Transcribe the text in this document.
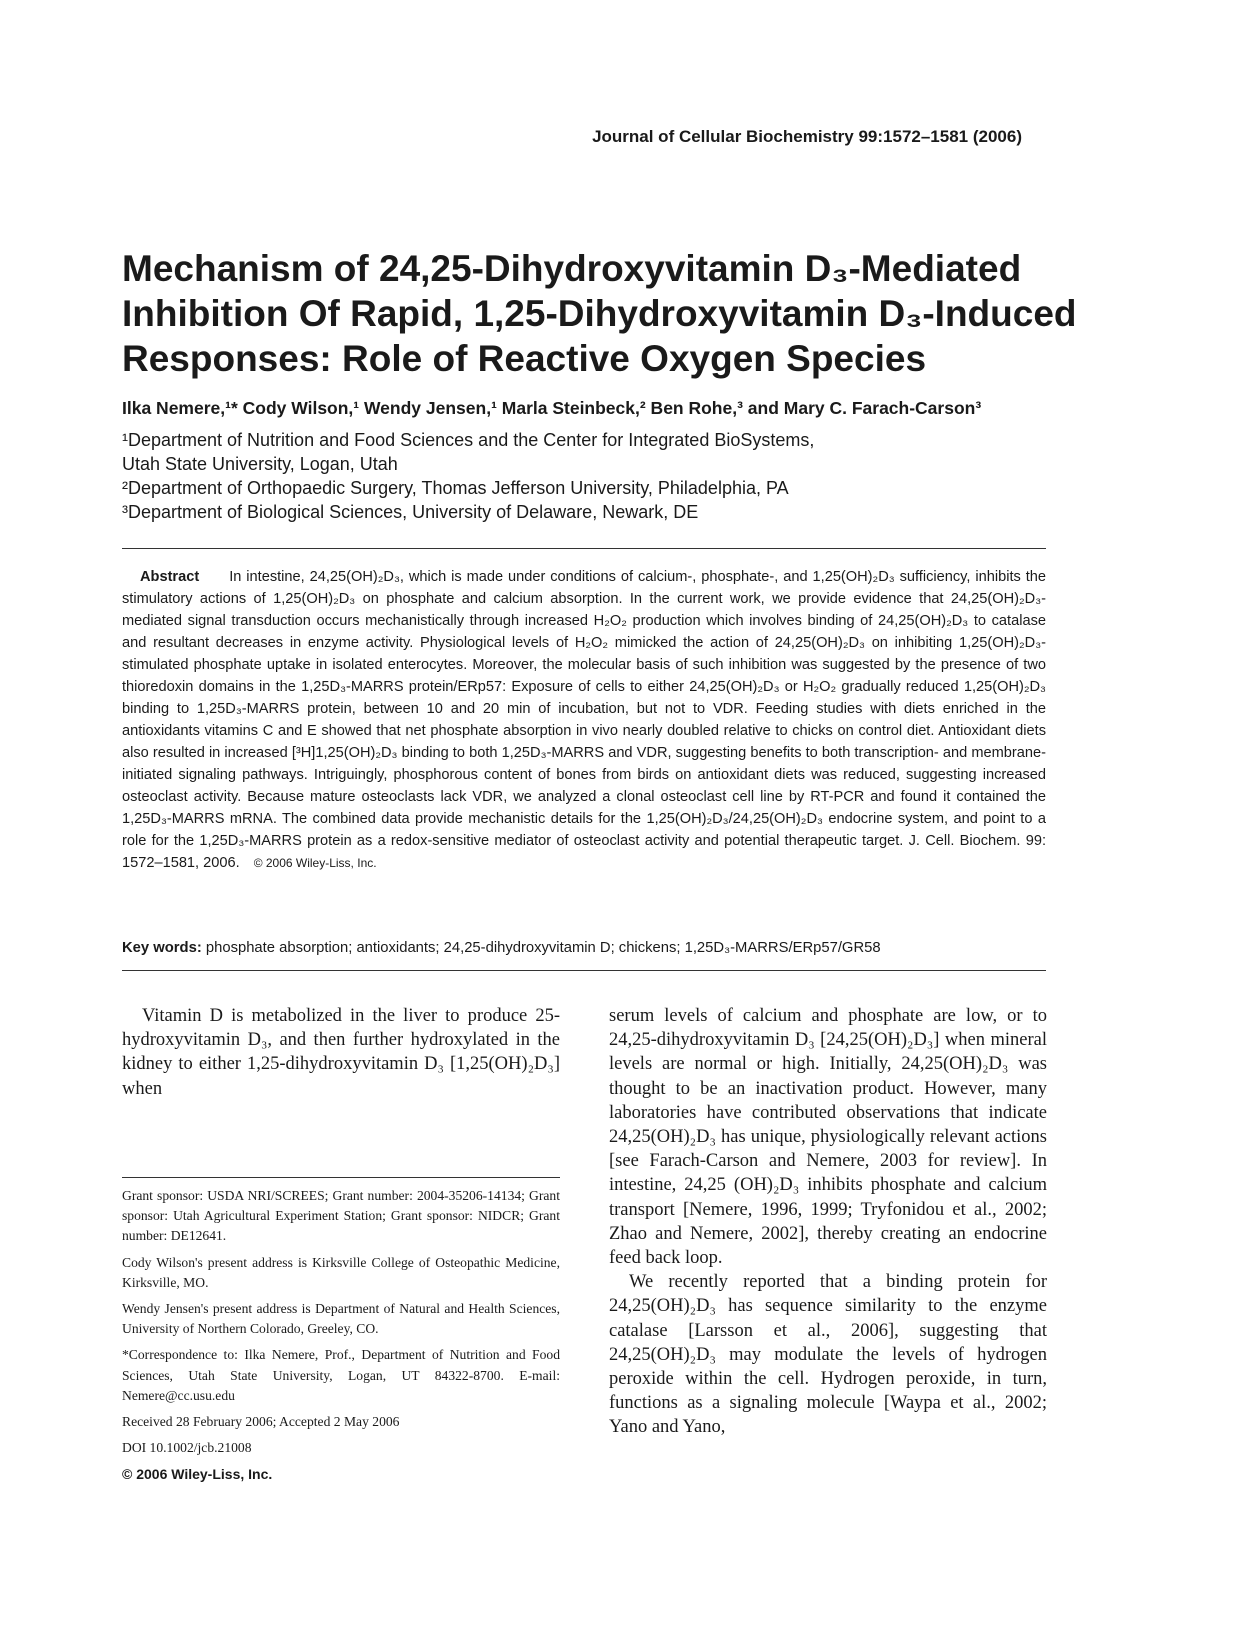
Journal of Cellular Biochemistry 99:1572–1581 (2006)
Mechanism of 24,25-Dihydroxyvitamin D₃-Mediated
Inhibition Of Rapid, 1,25-Dihydroxyvitamin D₃-Induced
Responses: Role of Reactive Oxygen Species
Ilka Nemere,¹* Cody Wilson,¹ Wendy Jensen,¹ Marla Steinbeck,² Ben Rohe,³ and Mary C. Farach-Carson³
¹Department of Nutrition and Food Sciences and the Center for Integrated BioSystems,
Utah State University, Logan, Utah
²Department of Orthopaedic Surgery, Thomas Jefferson University, Philadelphia, PA
³Department of Biological Sciences, University of Delaware, Newark, DE
Abstract In intestine, 24,25(OH)₂D₃, which is made under conditions of calcium-, phosphate-, and 1,25(OH)₂D₃ sufficiency, inhibits the stimulatory actions of 1,25(OH)₂D₃ on phosphate and calcium absorption. In the current work, we provide evidence that 24,25(OH)₂D₃-mediated signal transduction occurs mechanistically through increased H₂O₂ production which involves binding of 24,25(OH)₂D₃ to catalase and resultant decreases in enzyme activity. Physiological levels of H₂O₂ mimicked the action of 24,25(OH)₂D₃ on inhibiting 1,25(OH)₂D₃-stimulated phosphate uptake in isolated enterocytes. Moreover, the molecular basis of such inhibition was suggested by the presence of two thioredoxin domains in the 1,25D₃-MARRS protein/ERp57: Exposure of cells to either 24,25(OH)₂D₃ or H₂O₂ gradually reduced 1,25(OH)₂D₃ binding to 1,25D₃-MARRS protein, between 10 and 20 min of incubation, but not to VDR. Feeding studies with diets enriched in the antioxidants vitamins C and E showed that net phosphate absorption in vivo nearly doubled relative to chicks on control diet. Antioxidant diets also resulted in increased [³H]1,25(OH)₂D₃ binding to both 1,25D₃-MARRS and VDR, suggesting benefits to both transcription- and membrane-initiated signaling pathways. Intriguingly, phosphorous content of bones from birds on antioxidant diets was reduced, suggesting increased osteoclast activity. Because mature osteoclasts lack VDR, we analyzed a clonal osteoclast cell line by RT-PCR and found it contained the 1,25D₃-MARRS mRNA. The combined data provide mechanistic details for the 1,25(OH)₂D₃/24,25(OH)₂D₃ endocrine system, and point to a role for the 1,25D₃-MARRS protein as a redox-sensitive mediator of osteoclast activity and potential therapeutic target. J. Cell. Biochem. 99: 1572–1581, 2006. © 2006 Wiley-Liss, Inc.
Key words: phosphate absorption; antioxidants; 24,25-dihydroxyvitamin D; chickens; 1,25D₃-MARRS/ERp57/GR58

Vitamin D is metabolized in the liver to produce 25-hydroxyvitamin D₃, and then further hydroxylated in the kidney to either 1,25-dihydroxyvitamin D₃ [1,25(OH)₂D₃] when

Grant sponsor: USDA NRI/SCREES; Grant number: 2004-35206-14134; Grant sponsor: Utah Agricultural Experiment Station; Grant sponsor: NIDCR; Grant number: DE12641.

Cody Wilson's present address is Kirksville College of Osteopathic Medicine, Kirksville, MO.

Wendy Jensen's present address is Department of Natural and Health Sciences, University of Northern Colorado, Greeley, CO.

*Correspondence to: Ilka Nemere, Prof., Department of Nutrition and Food Sciences, Utah State University, Logan, UT 84322-8700. E-mail: Nemere@cc.usu.edu

Received 28 February 2006; Accepted 2 May 2006

DOI 10.1002/jcb.21008

© 2006 Wiley-Liss, Inc.

serum levels of calcium and phosphate are low, or to 24,25-dihydroxyvitamin D₃ [24,25(OH)₂D₃] when mineral levels are normal or high. Initially, 24,25(OH)₂D₃ was thought to be an inactivation product. However, many laboratories have contributed observations that indicate 24,25(OH)₂D₃ has unique, physiologically relevant actions [see Farach-Carson and Nemere, 2003 for review]. In intestine, 24,25 (OH)₂D₃ inhibits phosphate and calcium transport [Nemere, 1996, 1999; Tryfonidou et al., 2002; Zhao and Nemere, 2002], thereby creating an endocrine feed back loop.

We recently reported that a binding protein for 24,25(OH)₂D₃ has sequence similarity to the enzyme catalase [Larsson et al., 2006], suggesting that 24,25(OH)₂D₃ may modulate the levels of hydrogen peroxide within the cell. Hydrogen peroxide, in turn, functions as a signaling molecule [Waypa et al., 2002; Yano and Yano,
